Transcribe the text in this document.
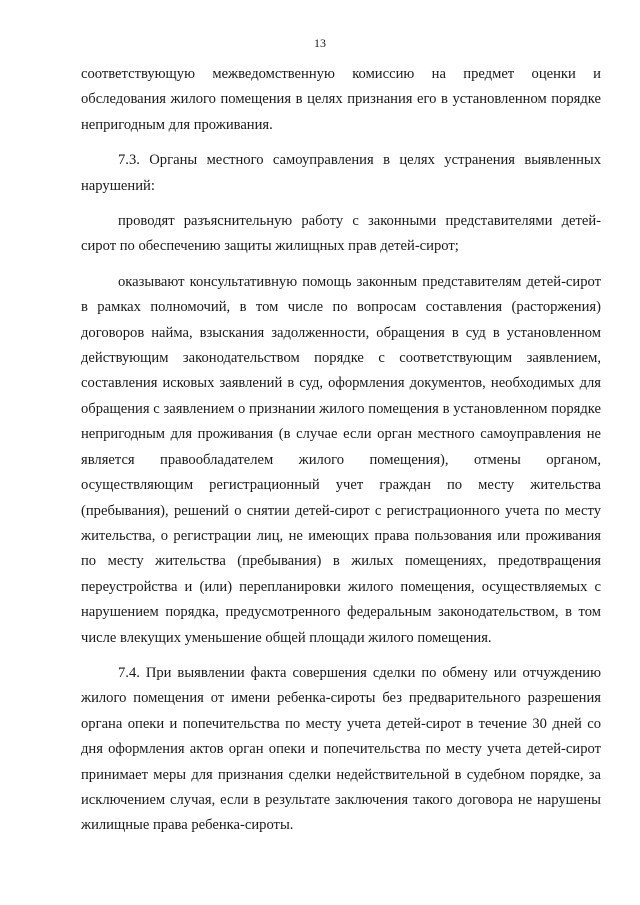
13

соответствующую межведомственную комиссию на предмет оценки и обследования жилого помещения в целях признания его в установленном порядке непригодным для проживания.

7.3. Органы местного самоуправления в целях устранения выявленных нарушений:

проводят разъяснительную работу с законными представителями детей-сирот по обеспечению защиты жилищных прав детей-сирот;

оказывают консультативную помощь законным представителям детей-сирот в рамках полномочий, в том числе по вопросам составления (расторжения) договоров найма, взыскания задолженности, обращения в суд в установленном действующим законодательством порядке с соответствующим заявлением, составления исковых заявлений в суд, оформления документов, необходимых для обращения с заявлением о признании жилого помещения в установленном порядке непригодным для проживания (в случае если орган местного самоуправления не является правообладателем жилого помещения), отмены органом, осуществляющим регистрационный учет граждан по месту жительства (пребывания), решений о снятии детей-сирот с регистрационного учета по месту жительства, о регистрации лиц, не имеющих права пользования или проживания по месту жительства (пребывания) в жилых помещениях, предотвращения переустройства и (или) перепланировки жилого помещения, осуществляемых с нарушением порядка, предусмотренного федеральным законодательством, в том числе влекущих уменьшение общей площади жилого помещения.

7.4. При выявлении факта совершения сделки по обмену или отчуждению жилого помещения от имени ребенка-сироты без предварительного разрешения органа опеки и попечительства по месту учета детей-сирот в течение 30 дней со дня оформления актов орган опеки и попечительства по месту учета детей-сирот принимает меры для признания сделки недействительной в судебном порядке, за исключением случая, если в результате заключения такого договора не нарушены жилищные права ребенка-сироты.
